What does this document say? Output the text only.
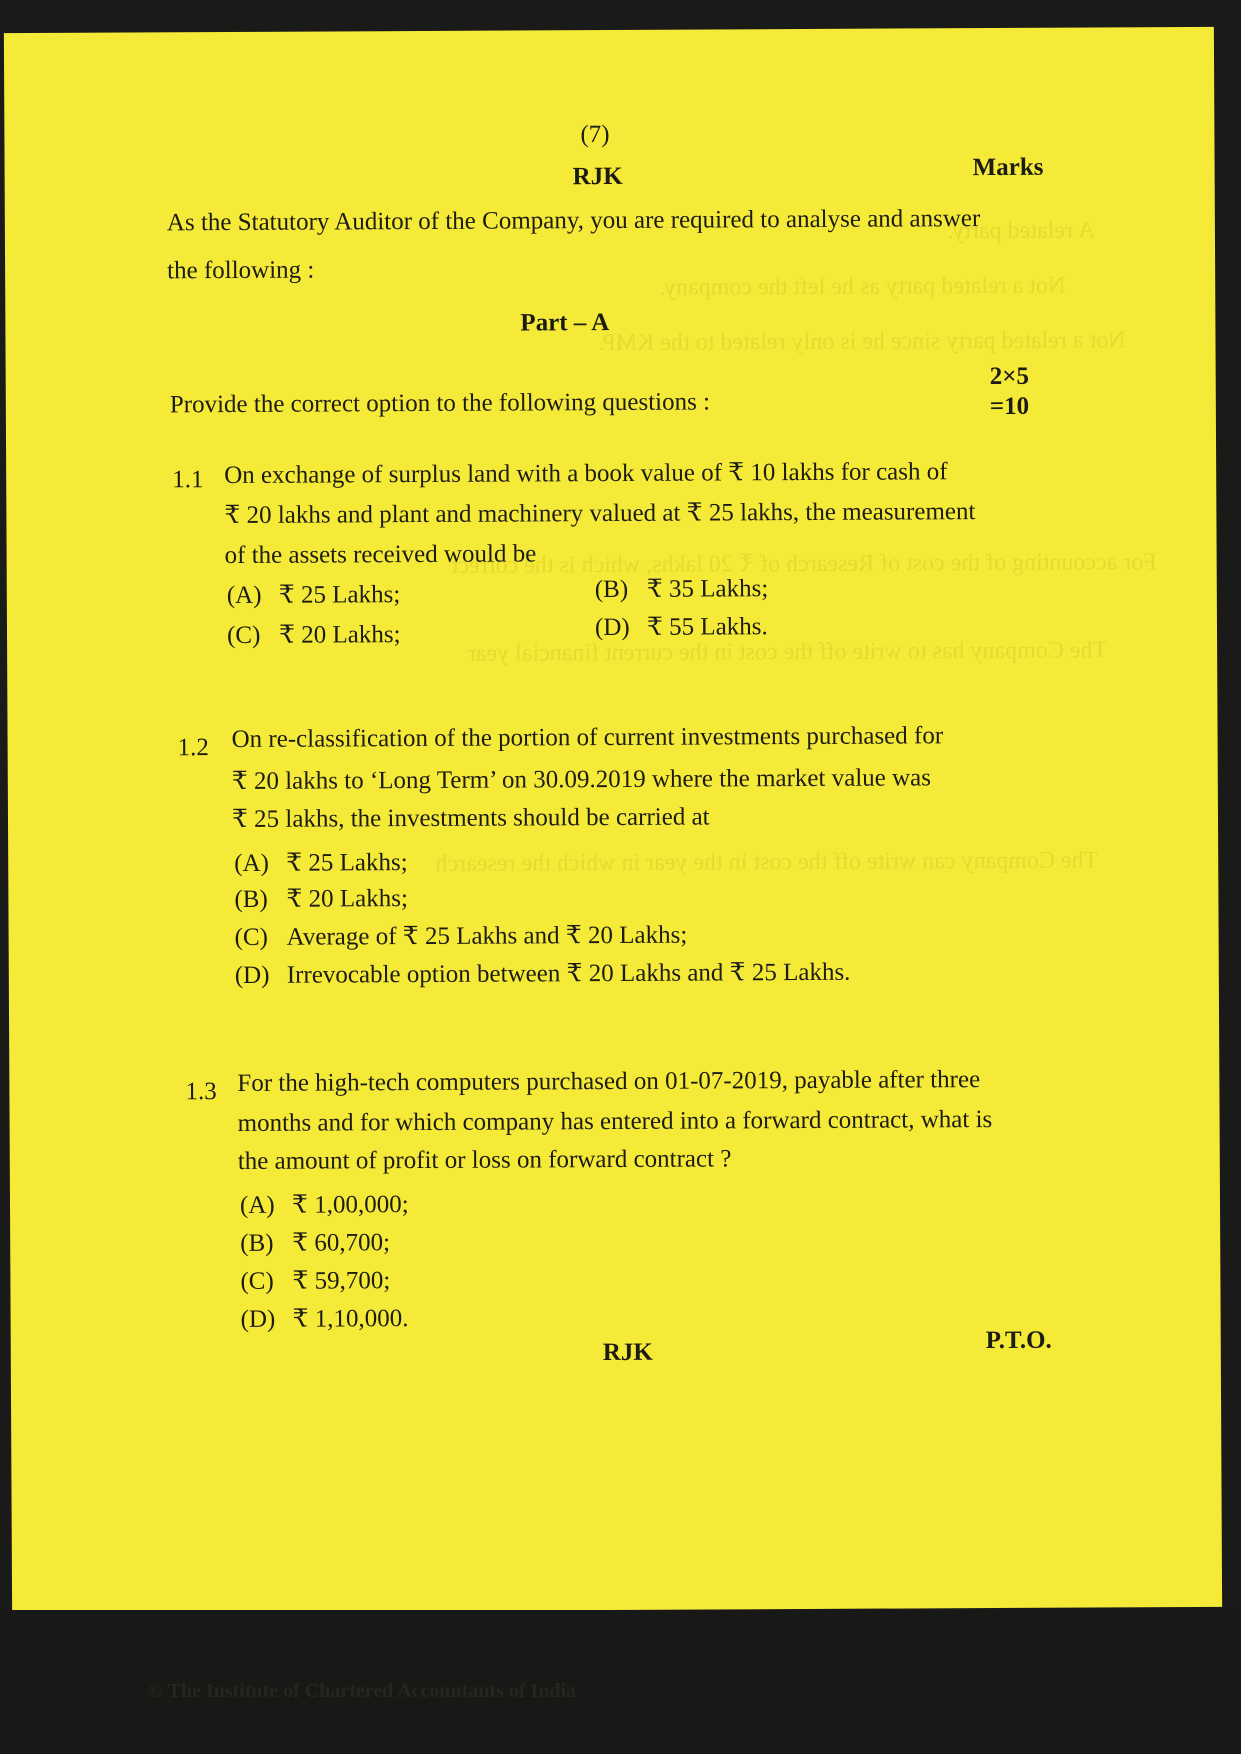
A related party.
Not a related party as he left the company.
Not a related party since he is only related to the KMP.
For accounting of the cost of Research of ₹ 20 lakhs, which is the correct
The Company has to write off the cost in the current financial year
The Company can write off the cost in the year in which the research
(7)
RJK	Marks
As the Statutory Auditor of the Company, you are required to analyse and answer
the following :
Part – A
Provide the correct option to the following questions :
2×5
=10
1.1 On exchange of surplus land with a book value of ₹ 10 lakhs for cash of
₹ 20 lakhs and plant and machinery valued at ₹ 25 lakhs, the measurement
of the assets received would be
(A) ₹ 25 Lakhs;	(B) ₹ 35 Lakhs;
(C) ₹ 20 Lakhs;	(D) ₹ 55 Lakhs.
1.2 On re-classification of the portion of current investments purchased for
₹ 20 lakhs to ‘Long Term’ on 30.09.2019 where the market value was
₹ 25 lakhs, the investments should be carried at
(A) ₹ 25 Lakhs;
(B) ₹ 20 Lakhs;
(C) Average of ₹ 25 Lakhs and ₹ 20 Lakhs;
(D) Irrevocable option between ₹ 20 Lakhs and ₹ 25 Lakhs.
1.3 For the high-tech computers purchased on 01-07-2019, payable after three
months and for which company has entered into a forward contract, what is
the amount of profit or loss on forward contract ?
(A) ₹ 1,00,000;
(B) ₹ 60,700;
(C) ₹ 59,700;
(D) ₹ 1,10,000.
RJK	P.T.O.
© The Institute of Chartered Accountants of India
